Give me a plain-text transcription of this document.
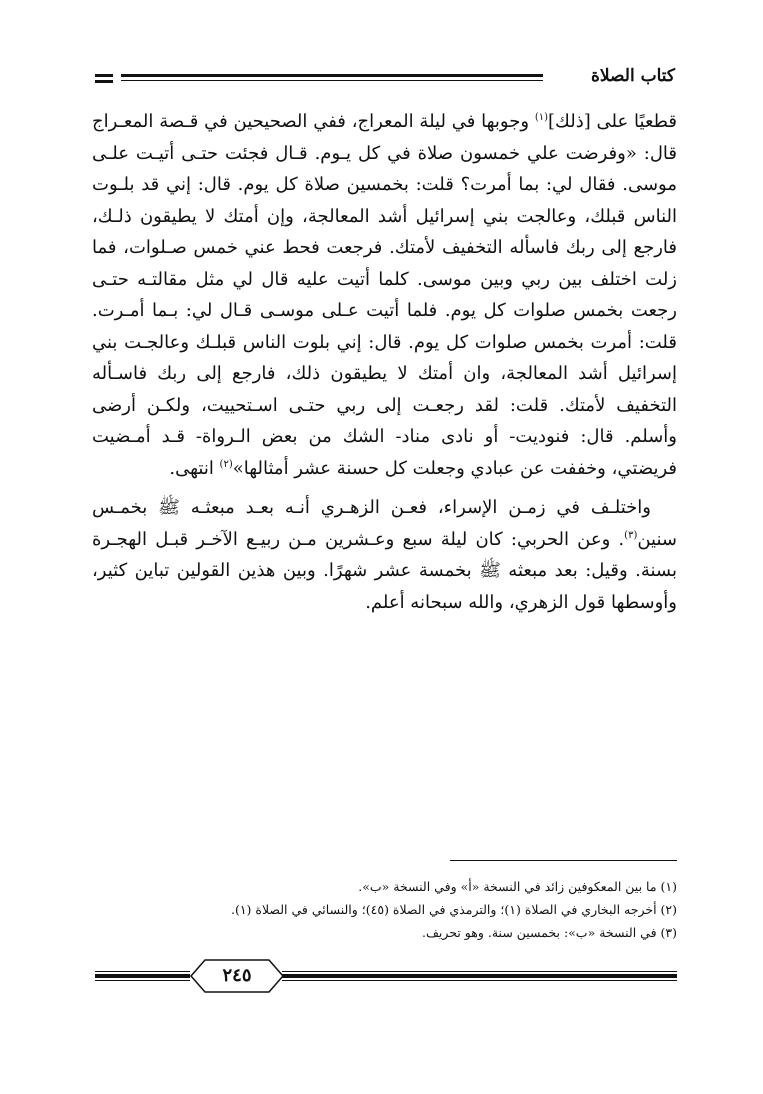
كتاب الصلاة

قطعيًا على [ذلك]$^{(١)}$ وجوبها في ليلة المعراج، ففي الصحيحين في قـصة المعـراج قال: «وفرضت علي خمسون صلاة في كل يـوم. قـال فجئت حتـى أتيـت علـى موسى. فقال لي: بما أمرت؟ قلت: بخمسين صلاة كل يوم. قال: إني قد بلـوت الناس قبلك، وعالجت بني إسرائيل أشد المعالجة، وإن أمتك لا يطيقون ذلـك، فارجع إلى ربك فاسأله التخفيف لأمتك. فرجعت فحط عني خمس صـلوات، فما زلت اختلف بين ربي وبين موسى. كلما أتيت عليه قال لي مثل مقالتـه حتـى رجعت بخمس صلوات كل يوم. فلما أتيت عـلى موسـى قـال لي: بـما أمـرت. قلت: أمرت بخمس صلوات كل يوم. قال: إني بلوت الناس قبلـك وعالجـت بني إسرائيل أشد المعالجة، وان أمتك لا يطيقون ذلك، فارجع إلى ربك فاسـأله التخفيف لأمتك. قلت: لقد رجعـت إلى ربي حتـى اسـتحييت، ولكـن أرضى وأسلم. قال: فنوديت- أو نادى مناد- الشك من بعض الـرواة- قـد أمـضيت فريضتي، وخففت عن عبادي وجعلت كل حسنة عشر أمثالها»$^{(٢)}$ انتهى.

واختلـف في زمـن الإسراء، فعـن الزهـري أنـه بعـد مبعثـه ﷺ بخمـس سنين$^{(٣)}$. وعن الحربي: كان ليلة سبع وعـشرين مـن ربيـع الآخـر قبـل الهجـرة بسنة. وقيل: بعد مبعثه ﷺ بخمسة عشر شهرًا. وبين هذين القولين تباين كثير، وأوسطها قول الزهري، والله سبحانه أعلم.

(١) ما بين المعكوفين زائد في النسخة «أ» وفي النسخة «ب».
(٢) أخرجه البخاري في الصلاة (١)؛ والترمذي في الصلاة (٤٥)؛ والنسائي في الصلاة (١).
(٣) في النسخة «ب»: بخمسين سنة. وهو تحريف.
٢٤٥
